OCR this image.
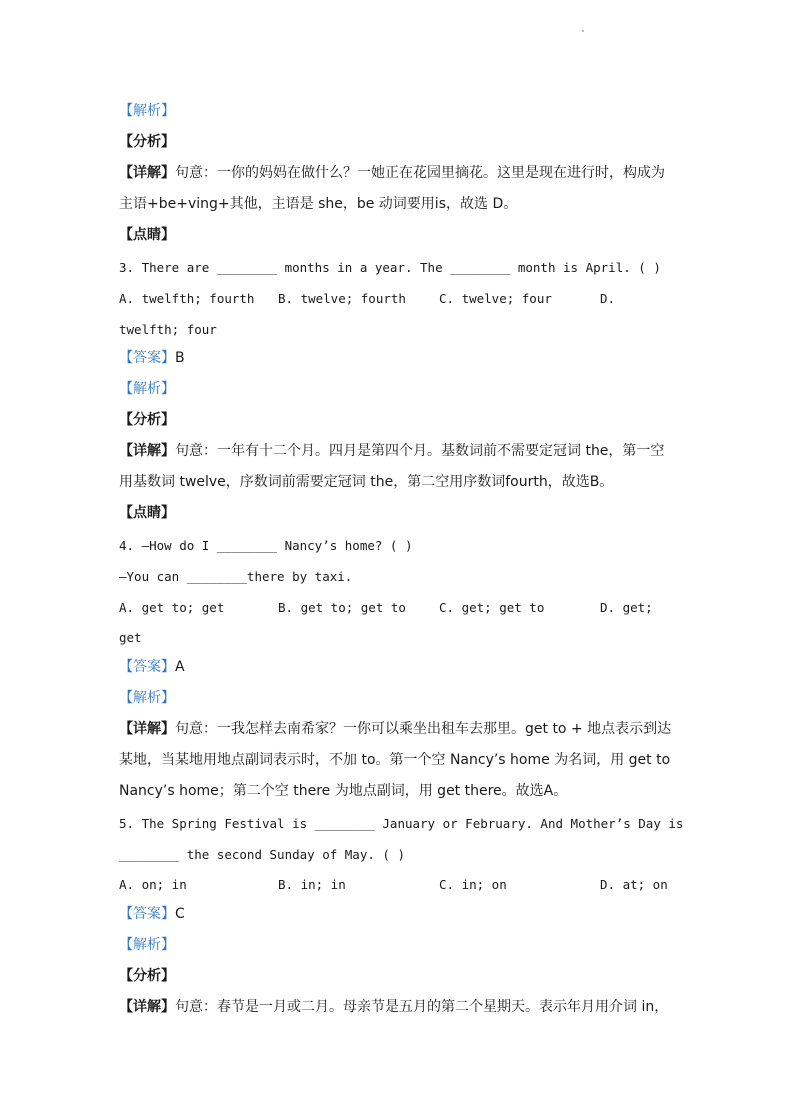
【解析】
【分析】
【详解】句意：一你的妈妈在做什么？一她正在花园里摘花。这里是现在进行时，构成为
主语+be+ving+其他，主语是 she，be 动词要用is，故选 D。
【点睛】
3. There are ________ months in a year. The ________ month is April. ( )
A. twelfth; fourth B. twelve; fourth	C. twelve; four	D.
twelfth; four
【答案】B
【解析】
【分析】
【详解】句意：一年有十二个月。四月是第四个月。基数词前不需要定冠词 the，第一空
用基数词 twelve，序数词前需要定冠词 the，第二空用序数词fourth，故选B。
【点睛】
4. —How do I ________ Nancy’s home? ( )
—You can ________there by taxi.
A. get to; get	B. get to; get to	C. get; get to	D. get;
get
【答案】A
【解析】
【详解】句意：一我怎样去南希家？一你可以乘坐出租车去那里。get to + 地点表示到达
某地，当某地用地点副词表示时，不加 to。第一个空 Nancy’s home 为名词，用 get to
Nancy’s home；第二个空 there 为地点副词，用 get there。故选A。
5. The Spring Festival is ________ January or February. And Mother’s Day is
________ the second Sunday of May. ( )
A. on; in	B. in; in	C. in; on	D. at; on
【答案】C
【解析】
【分析】
【详解】句意：春节是一月或二月。母亲节是五月的第二个星期天。表示年月用介词 in，
